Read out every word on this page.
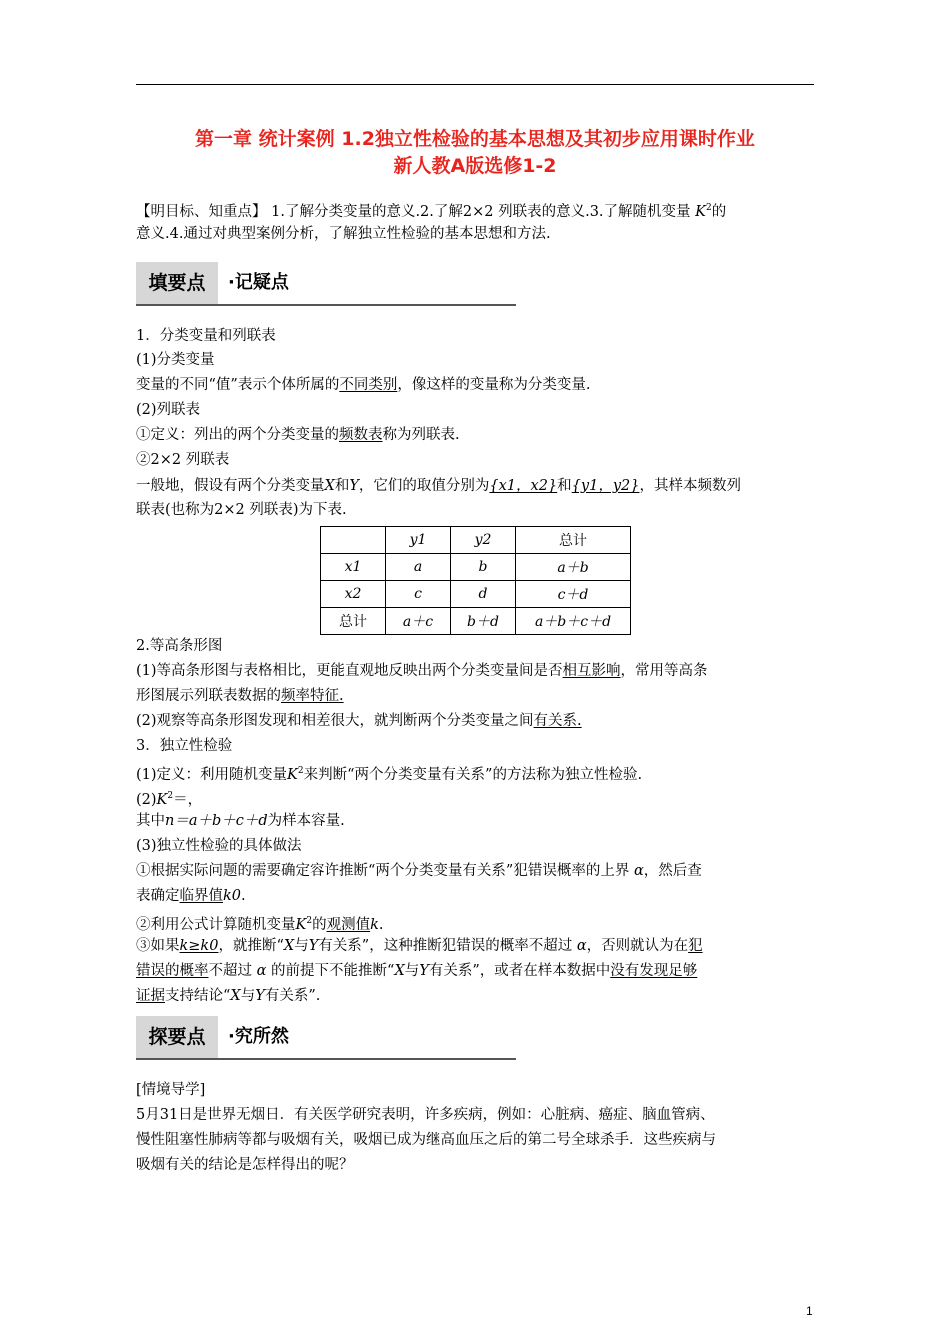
第一章 统计案例 1.2独立性检验的基本思想及其初步应用课时作业
新人教A版选修1-2
【明目标、知重点】 1.了解分类变量的意义.2.了解2×2 列联表的意义.3.了解随机变量 $K^2$的
意义.4.通过对典型案例分析，了解独立性检验的基本思想和方法.
填要点	·记疑点
1．分类变量和列联表
(1)分类变量
变量的不同“值”表示个体所属的不同类别，像这样的变量称为分类变量.
(2)列联表
①定义：列出的两个分类变量的频数表称为列联表.
②2×2 列联表
一般地，假设有两个分类变量X和Y，它们的取值分别为{x1，x2}和{y1，y2}，其样本频数列
联表(也称为2×2 列联表)为下表.
	y1	y2	总计
x1	a	b	a＋b
x2	c	d	c＋d
总计	a＋c	b＋d	a＋b＋c＋d
2.等高条形图
(1)等高条形图与表格相比，更能直观地反映出两个分类变量间是否相互影响，常用等高条
形图展示列联表数据的频率特征.
(2)观察等高条形图发现和相差很大，就判断两个分类变量之间有关系.
3．独立性检验
(1)定义：利用随机变量$K^2$来判断“两个分类变量有关系”的方法称为独立性检验.
$(2)K^2=$，
其中n＝a＋b＋c＋d为样本容量.
(3)独立性检验的具体做法
①根据实际问题的需要确定容许推断“两个分类变量有关系”犯错误概率的上界 α，然后查
表确定临界值k0.
②利用公式计算随机变量$K^2$的观测值k.
③如果k≥k0，就推断“X与Y有关系”，这种推断犯错误的概率不超过 α，否则就认为在犯
错误的概率不超过 α 的前提下不能推断“X与Y有关系”，或者在样本数据中没有发现足够
证据支持结论“X与Y有关系”.
探要点	·究所然
[情境导学]
5月31日是世界无烟日．有关医学研究表明，许多疾病，例如：心脏病、癌症、脑血管病、
慢性阻塞性肺病等都与吸烟有关，吸烟已成为继高血压之后的第二号全球杀手．这些疾病与
吸烟有关的结论是怎样得出的呢？
1
